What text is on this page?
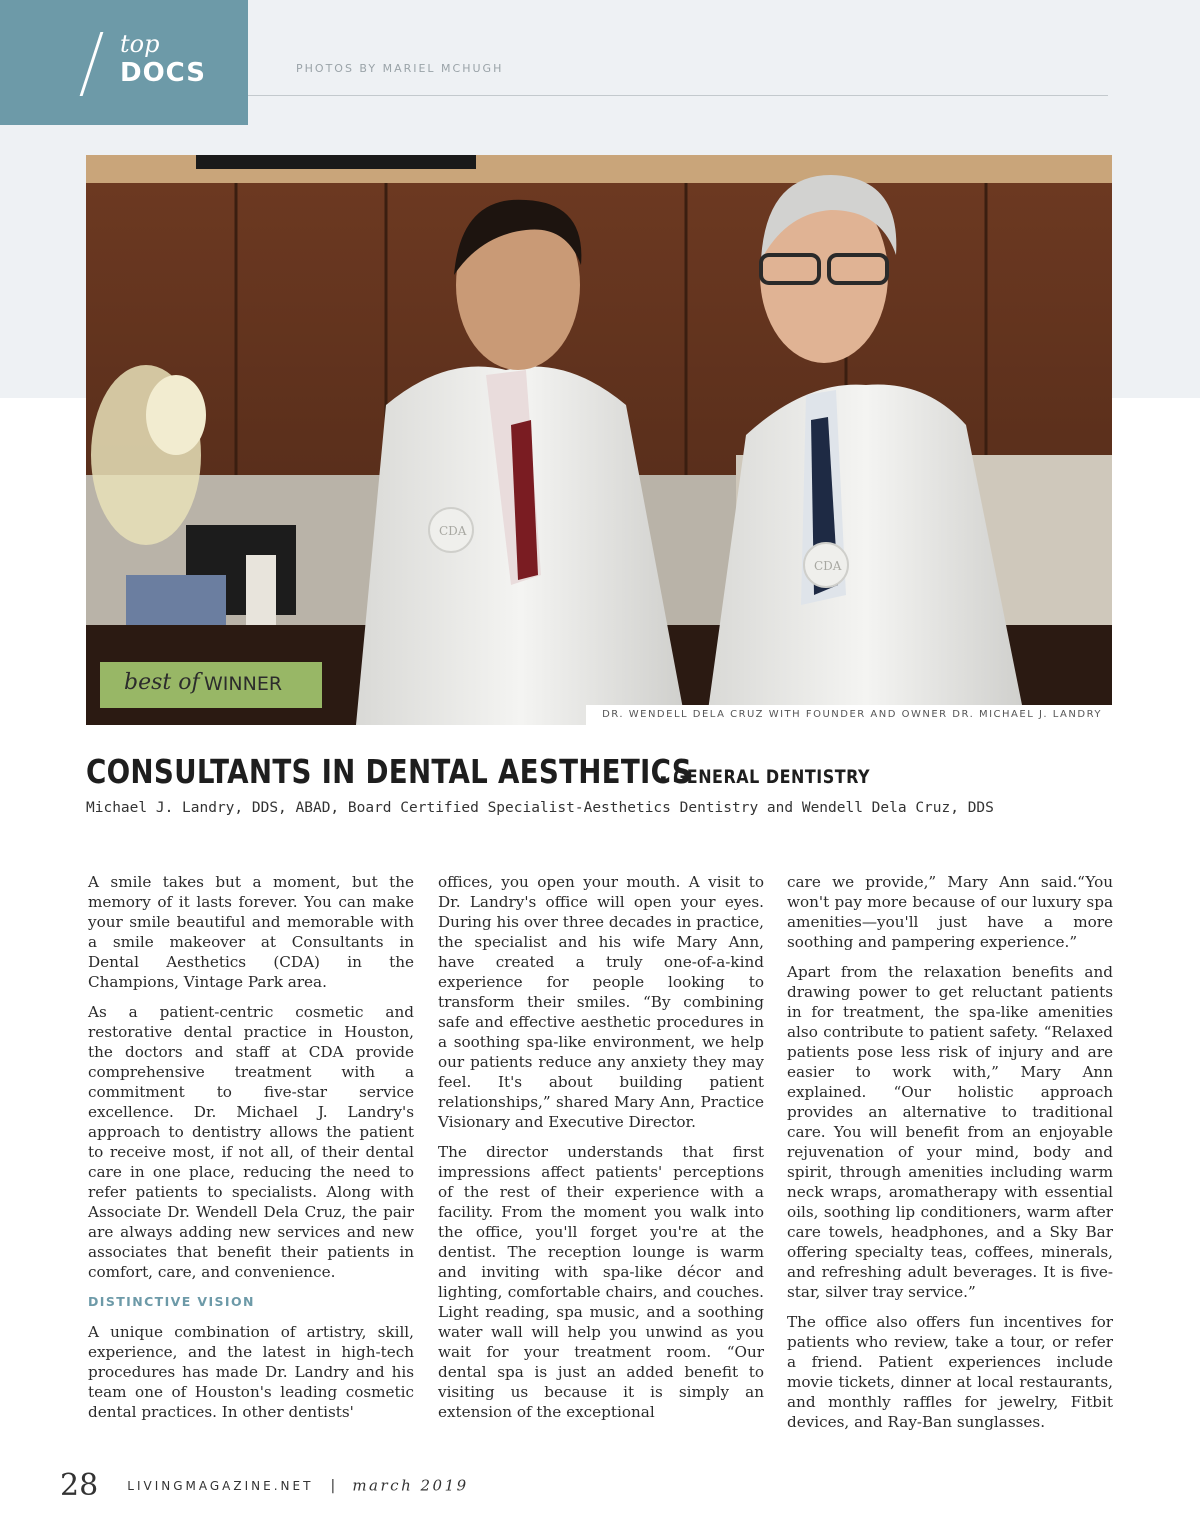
top
DOCS	PHOTOS BY MARIEL MCHUGH
CDA
CDA
best of WINNER
DR. WENDELL DELA CRUZ WITH FOUNDER AND OWNER DR. MICHAEL J. LANDRY
CONSULTANTS IN DENTAL AESTHETICS
- GENERAL DENTISTRY
Michael J. Landry, DDS, ABAD, Board Certified Specialist-Aesthetics Dentistry and Wendell Dela Cruz, DDS

A smile takes but a moment, but the memory of it lasts forever. You can make your smile beautiful and memorable with a smile makeover at Consultants in Dental Aesthetics (CDA) in the Champions, Vintage Park area.

As a patient-centric cosmetic and restorative dental practice in Houston, the doctors and staff at CDA provide comprehensive treatment with a commitment to five-star service excellence. Dr. Michael J. Landry's approach to dentistry allows the patient to receive most, if not all, of their dental care in one place, reducing the need to refer patients to specialists. Along with Associate Dr. Wendell Dela Cruz, the pair are always adding new services and new associates that benefit their patients in comfort, care, and convenience.

DISTINCTIVE VISION

A unique combination of artistry, skill, experience, and the latest in high-tech procedures has made Dr. Landry and his team one of Houston's leading cosmetic dental practices. In other dentists'

offices, you open your mouth. A visit to Dr. Landry's office will open your eyes. During his over three decades in practice, the specialist and his wife Mary Ann, have created a truly one-of-a-kind experience for people looking to transform their smiles. “By combining safe and effective aesthetic procedures in a soothing spa-like environment, we help our patients reduce any anxiety they may feel. It's about building patient relationships,” shared Mary Ann, Practice Visionary and Executive Director.

The director understands that first impressions affect patients' perceptions of the rest of their experience with a facility. From the moment you walk into the office, you'll forget you're at the dentist. The reception lounge is warm and inviting with spa-like décor and lighting, comfortable chairs, and couches. Light reading, spa music, and a soothing water wall will help you unwind as you wait for your treatment room. “Our dental spa is just an added benefit to visiting us because it is simply an extension of the exceptional

care we provide,” Mary Ann said.“You won't pay more because of our luxury spa amenities—you'll just have a more soothing and pampering experience.”

Apart from the relaxation benefits and drawing power to get reluctant patients in for treatment, the spa-like amenities also contribute to patient safety. “Relaxed patients pose less risk of injury and are easier to work with,” Mary Ann explained. “Our holistic approach provides an alternative to traditional care. You will benefit from an enjoyable rejuvenation of your mind, body and spirit, through amenities including warm neck wraps, aromatherapy with essential oils, soothing lip conditioners, warm after care towels, headphones, and a Sky Bar offering specialty teas, coffees, minerals, and refreshing adult beverages. It is five-star, silver tray service.”

The office also offers fun incentives for patients who review, take a tour, or refer a friend. Patient experiences include movie tickets, dinner at local restaurants, and monthly raffles for jewelry, Fitbit devices, and Ray-Ban sunglasses.

28 LIVINGMAGAZINE.NET | march 2019
